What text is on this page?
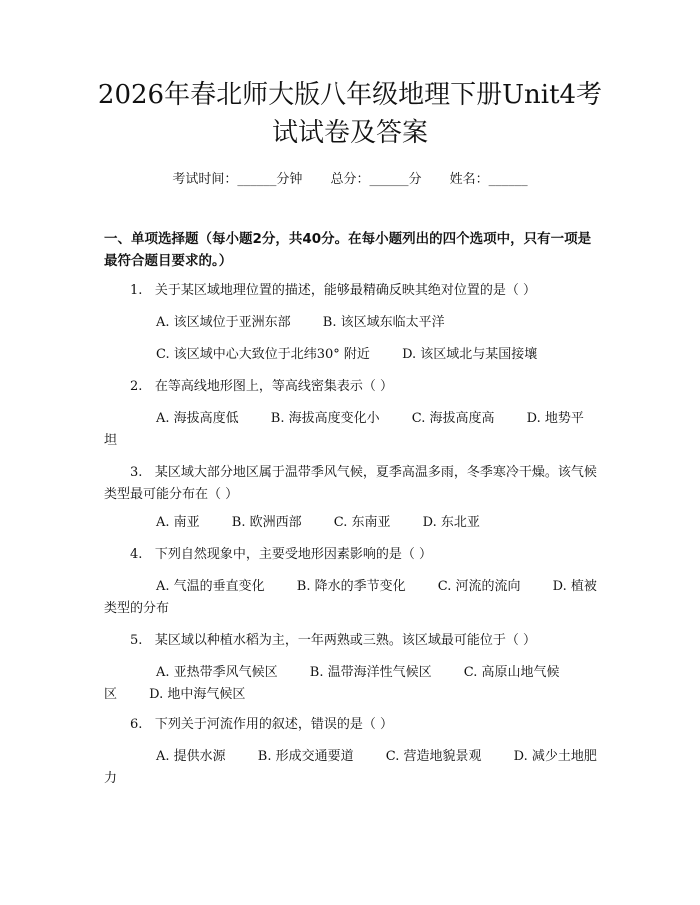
2026年春北师大版八年级地理下册Unit4考试试卷及答案
考试时间：______分钟 总分：______分 姓名：______
一、单项选择题（每小题2分，共40分。在每小题列出的四个选项中，只有一项是最符合题目要求的。）
1. 关于某区域地理位置的描述，能够最精确反映其绝对位置的是（ ）
A. 该区域位于亚洲东部 B. 该区域东临太平洋
C. 该区域中心大致位于北纬30° 附近 D. 该区域北与某国接壤
2. 在等高线地形图上，等高线密集表示（ ）
A. 海拔高度低 B. 海拔高度变化小 C. 海拔高度高 D. 地势平坦
3. 某区域大部分地区属于温带季风气候，夏季高温多雨，冬季寒冷干燥。该气候类型最可能分布在（ ）
A. 南亚 B. 欧洲西部 C. 东南亚 D. 东北亚
4. 下列自然现象中，主要受地形因素影响的是（ ）
A. 气温的垂直变化 B. 降水的季节变化 C. 河流的流向 D. 植被类型的分布
5. 某区域以种植水稻为主，一年两熟或三熟。该区域最可能位于（ ）
A. 亚热带季风气候区 B. 温带海洋性气候区 C. 高原山地气候区 D. 地中海气候区
6. 下列关于河流作用的叙述，错误的是（ ）
A. 提供水源 B. 形成交通要道 C. 营造地貌景观 D. 减少土地肥力
